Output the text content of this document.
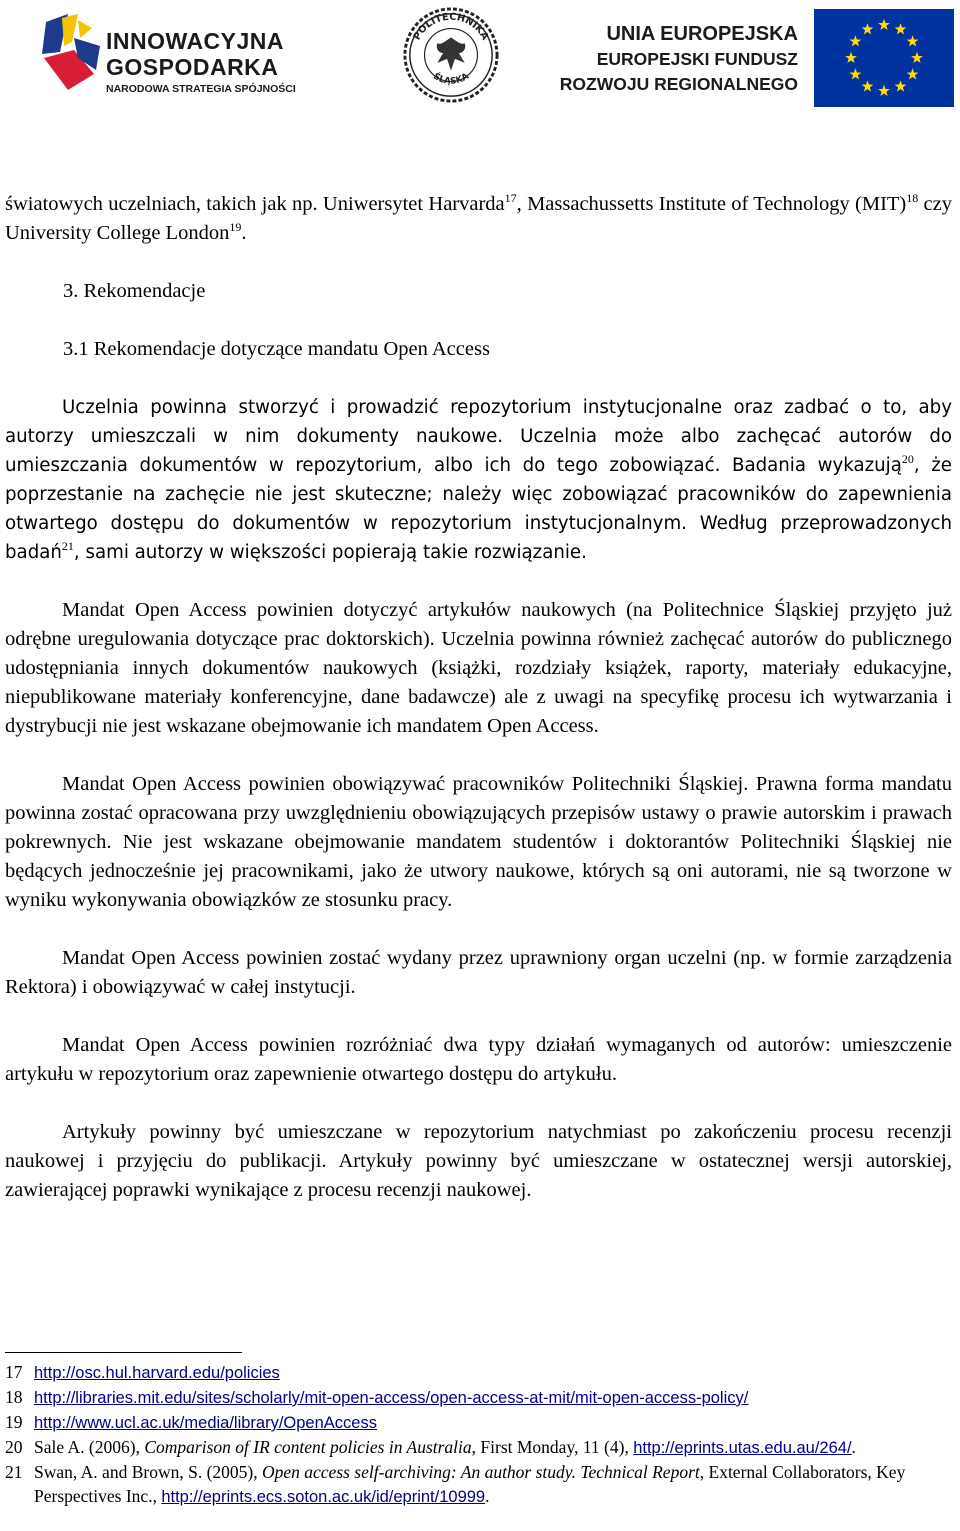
INNOWACYJNA
GOSPODARKA
NARODOWA STRATEGIA SPÓJNOŚCI
POLITECHNIKA
ŚLĄSKA
UNIA EUROPEJSKA
EUROPEJSKI FUNDUSZ
ROZWOJU REGIONALNEGO

światowych uczelniach, takich jak np. Uniwersytet Harvarda$^{17}$, Massachussetts Institute of Technology (MIT)$^{18}$ czy University College London$^{19}$.

3. Rekomendacje

3.1 Rekomendacje dotyczące mandatu Open Access

Uczelnia powinna stworzyć i prowadzić repozytorium instytucjonalne oraz zadbać o to, aby autorzy umieszczali w nim dokumenty naukowe. Uczelnia może albo zachęcać autorów do umieszczania dokumentów w repozytorium, albo ich do tego zobowiązać. Badania wykazują$^{20}$, że poprzestanie na zachęcie nie jest skuteczne; należy więc zobowiązać pracowników do zapewnienia otwartego dostępu do dokumentów w repozytorium instytucjonalnym. Według przeprowadzonych badań$^{21}$, sami autorzy w większości popierają takie rozwiązanie.

Mandat Open Access powinien dotyczyć artykułów naukowych (na Politechnice Śląskiej przyjęto już odrębne uregulowania dotyczące prac doktorskich). Uczelnia powinna również zachęcać autorów do publicznego udostępniania innych dokumentów naukowych (książki, rozdziały książek, raporty, materiały edukacyjne, niepublikowane materiały konferencyjne, dane badawcze) ale z uwagi na specyfikę procesu ich wytwarzania i dystrybucji nie jest wskazane obejmowanie ich mandatem Open Access.

Mandat Open Access powinien obowiązywać pracowników Politechniki Śląskiej. Prawna forma mandatu powinna zostać opracowana przy uwzględnieniu obowiązujących przepisów ustawy o prawie autorskim i prawach pokrewnych. Nie jest wskazane obejmowanie mandatem studentów i doktorantów Politechniki Śląskiej nie będących jednocześnie jej pracownikami, jako że utwory naukowe, których są oni autorami, nie są tworzone w wyniku wykonywania obowiązków ze stosunku pracy.

Mandat Open Access powinien zostać wydany przez uprawniony organ uczelni (np. w formie zarządzenia Rektora) i obowiązywać w całej instytucji.

Mandat Open Access powinien rozróżniać dwa typy działań wymaganych od autorów: umieszczenie artykułu w repozytorium oraz zapewnienie otwartego dostępu do artykułu.

Artykuły powinny być umieszczane w repozytorium natychmiast po zakończeniu procesu recenzji naukowej i przyjęciu do publikacji. Artykuły powinny być umieszczane w ostatecznej wersji autorskiej, zawierającej poprawki wynikające z procesu recenzji naukowej.

17 http://osc.hul.harvard.edu/policies
18 http://libraries.mit.edu/sites/scholarly/mit-open-access/open-access-at-mit/mit-open-access-policy/
19 http://www.ucl.ac.uk/media/library/OpenAccess
20 Sale A. (2006), Comparison of IR content policies in Australia, First Monday, 11 (4), http://eprints.utas.edu.au/264/.
21 Swan, A. and Brown, S. (2005), Open access self-archiving: An author study. Technical Report, External Collaborators, Key Perspectives Inc., http://eprints.ecs.soton.ac.uk/id/eprint/10999.
